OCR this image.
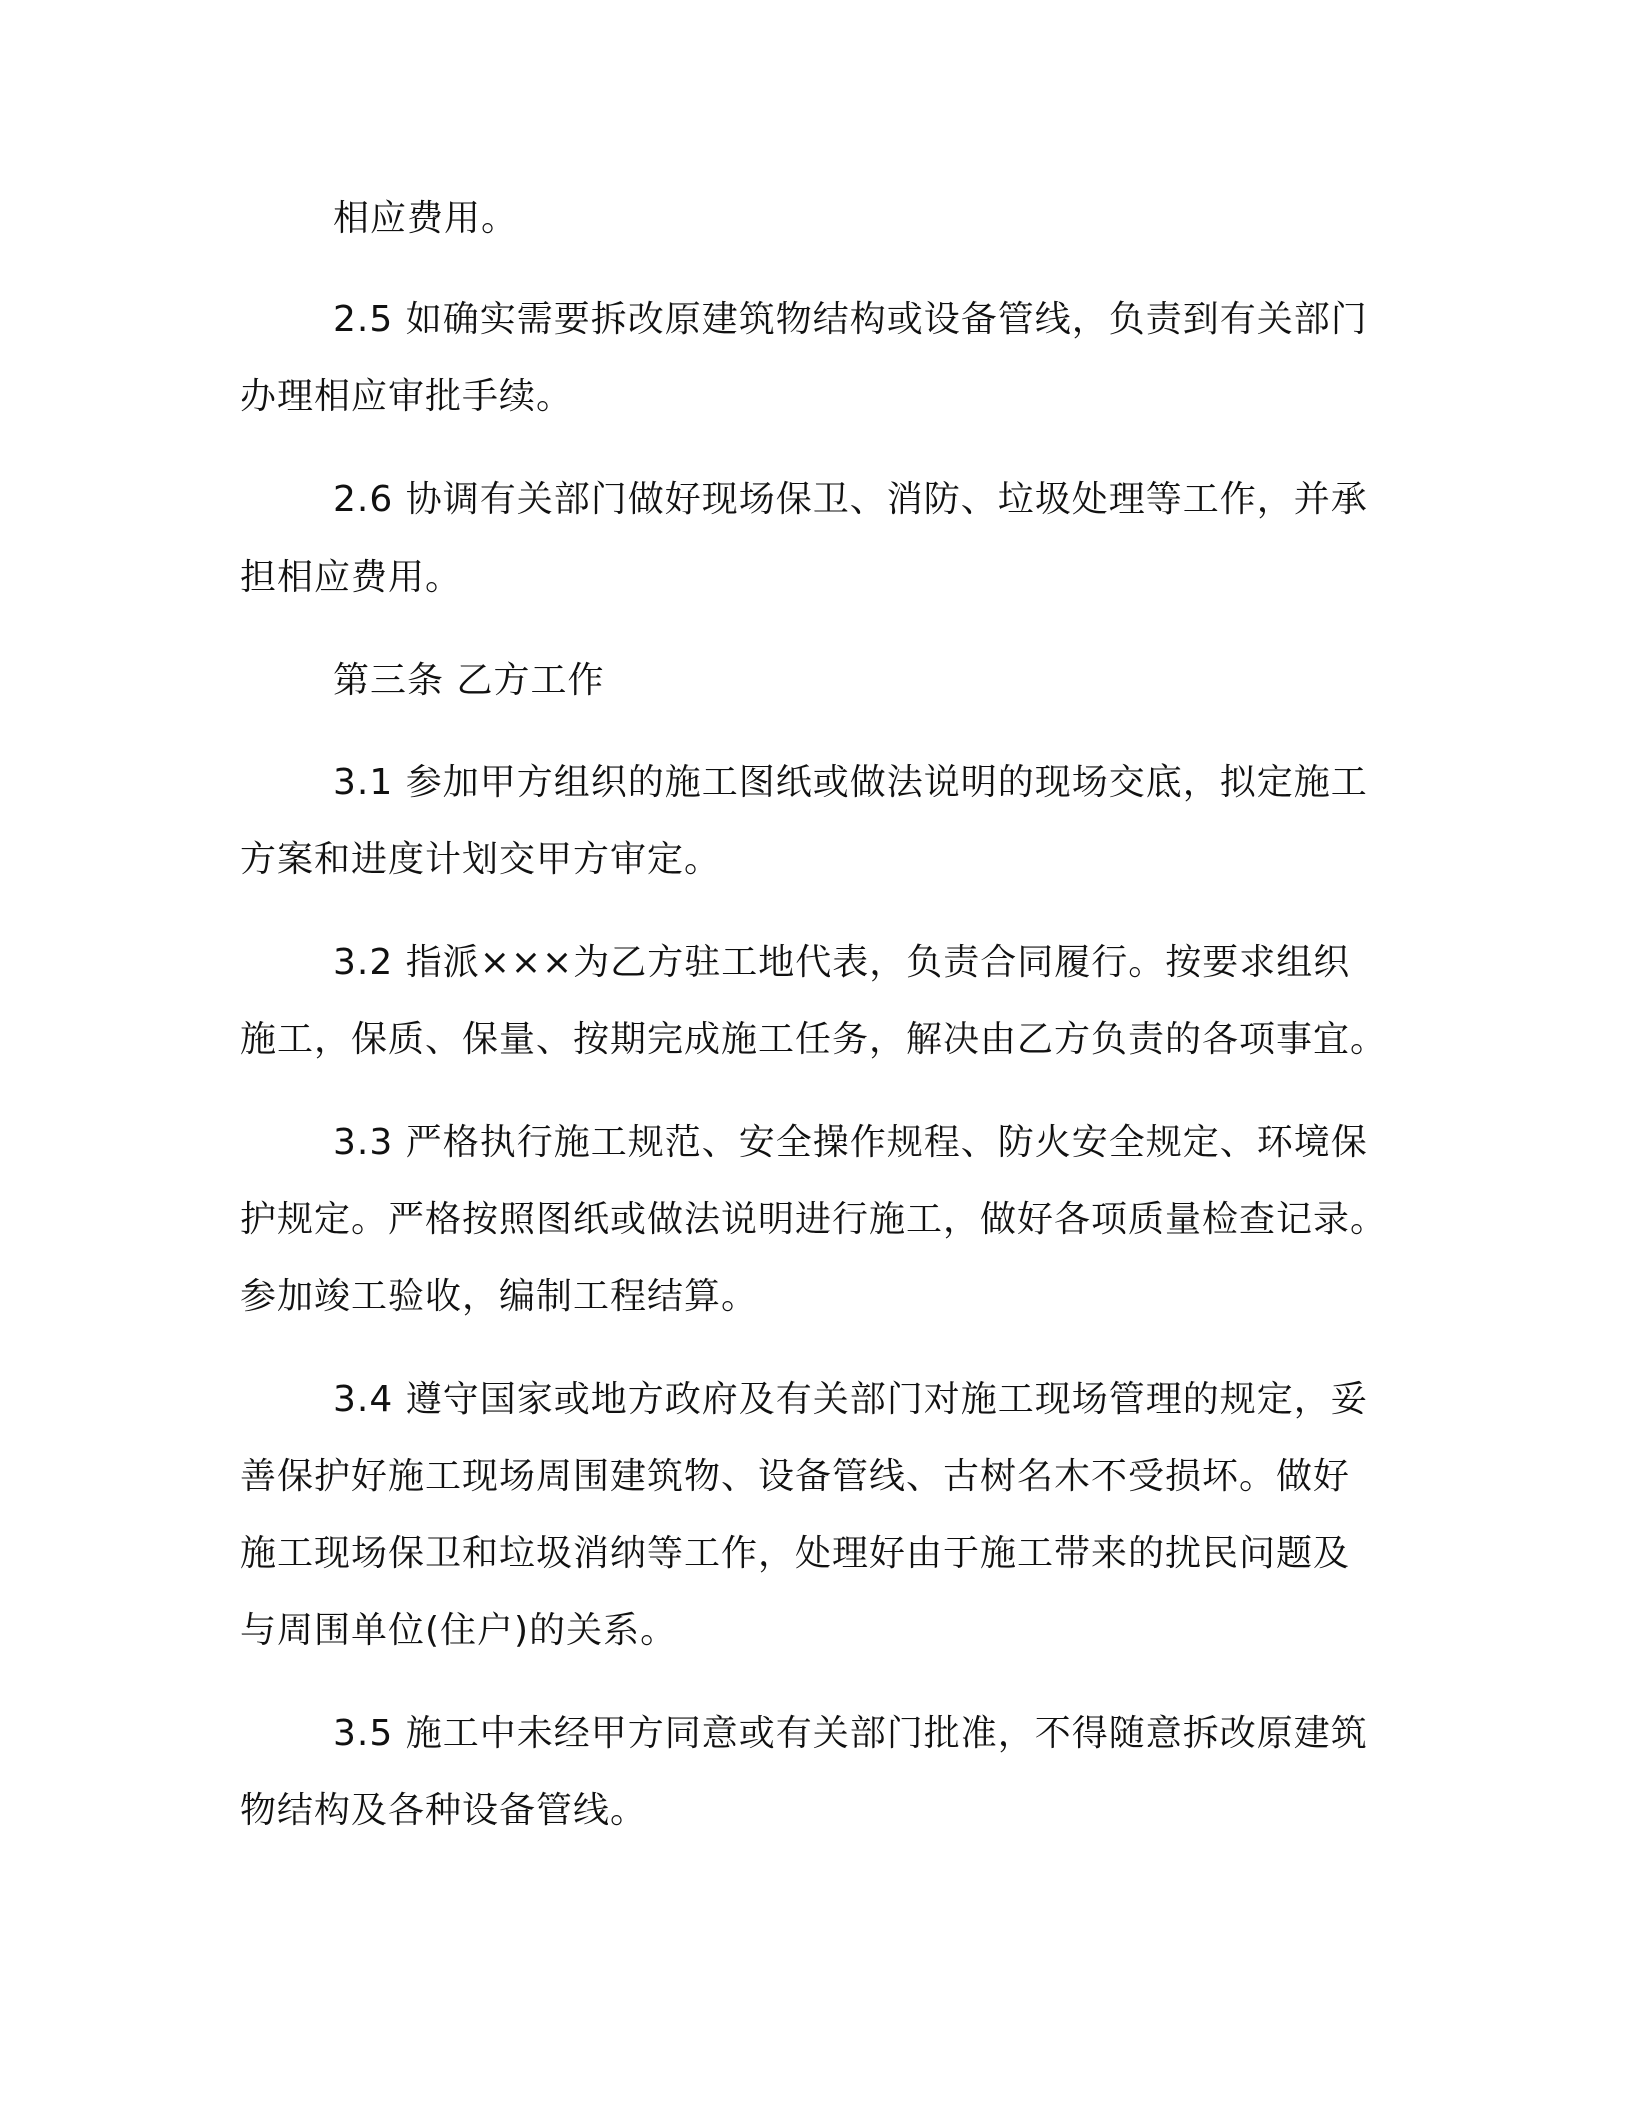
相应费用。

2.5 如确实需要拆改原建筑物结构或设备管线，负责到有关部门

办理相应审批手续。

2.6 协调有关部门做好现场保卫、消防、垃圾处理等工作，并承

担相应费用。

第三条 乙方工作

3.1 参加甲方组织的施工图纸或做法说明的现场交底，拟定施工

方案和进度计划交甲方审定。

3.2 指派×××为乙方驻工地代表，负责合同履行。按要求组织

施工，保质、保量、按期完成施工任务，解决由乙方负责的各项事宜。

3.3 严格执行施工规范、安全操作规程、防火安全规定、环境保

护规定。严格按照图纸或做法说明进行施工，做好各项质量检查记录。

参加竣工验收，编制工程结算。

3.4 遵守国家或地方政府及有关部门对施工现场管理的规定，妥

善保护好施工现场周围建筑物、设备管线、古树名木不受损坏。做好

施工现场保卫和垃圾消纳等工作，处理好由于施工带来的扰民问题及

与周围单位(住户)的关系。

3.5 施工中未经甲方同意或有关部门批准，不得随意拆改原建筑

物结构及各种设备管线。
